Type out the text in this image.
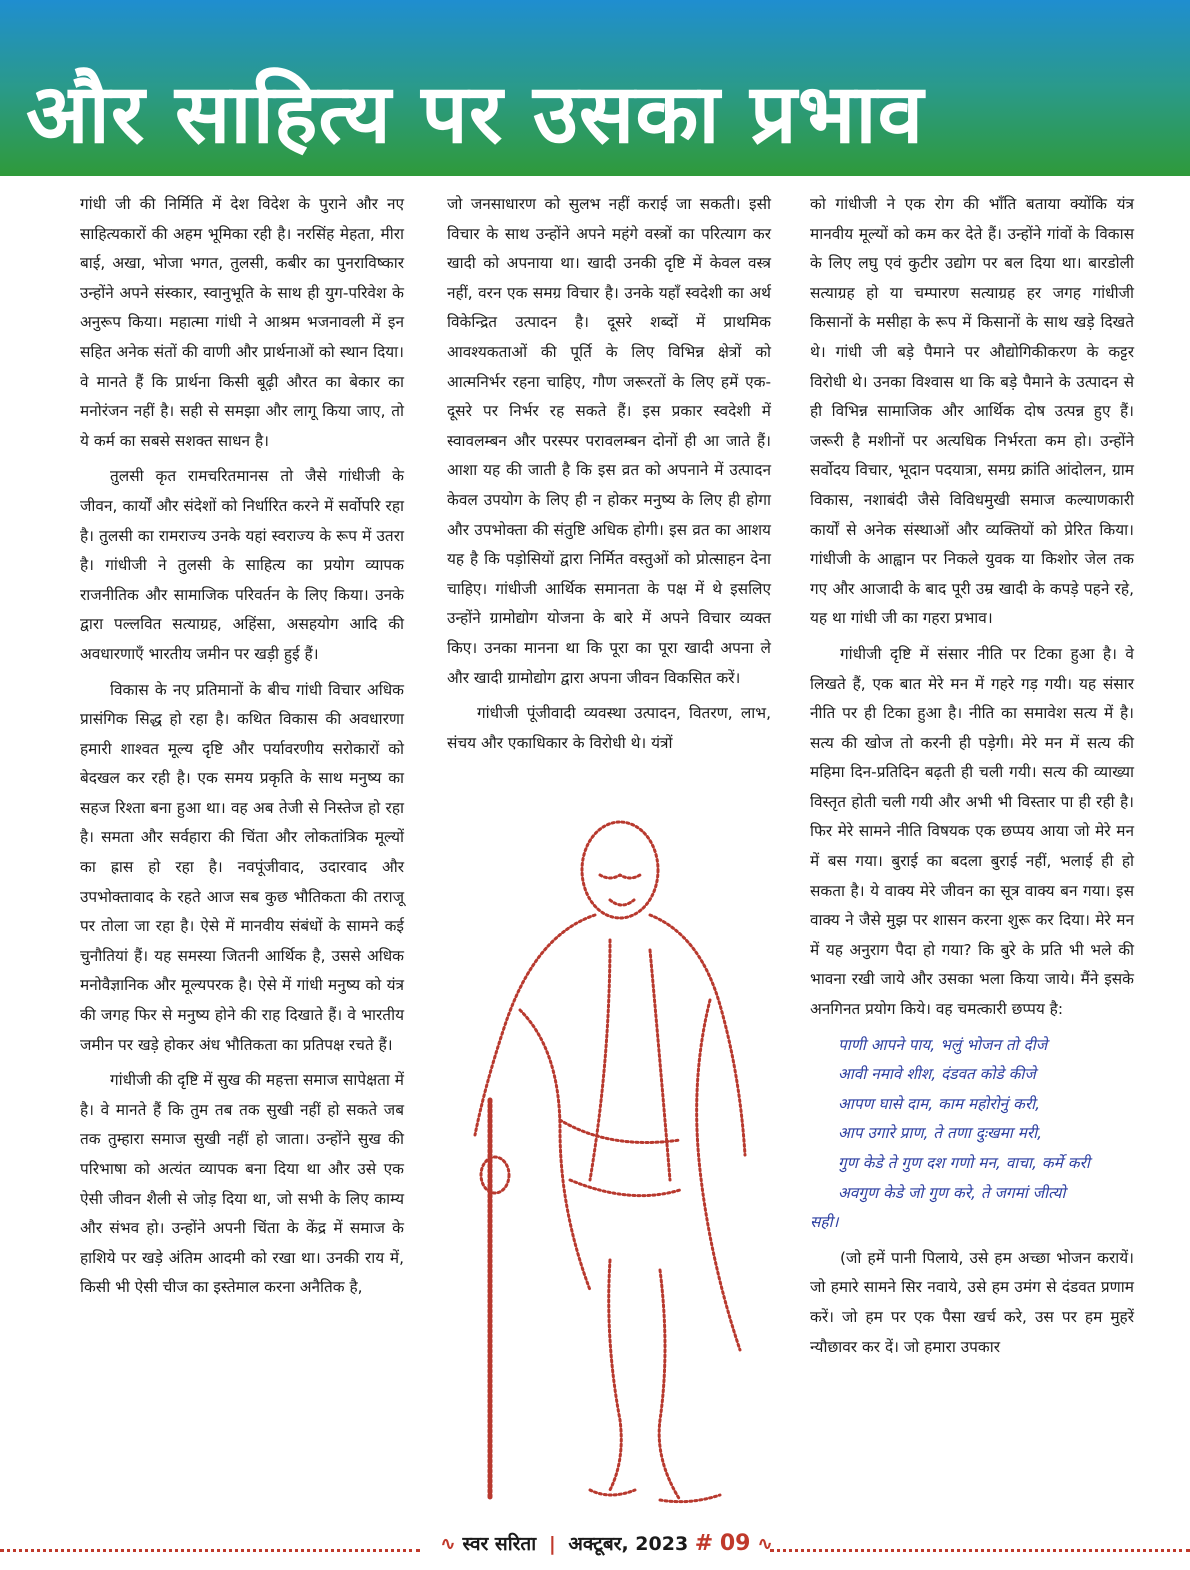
और साहित्य पर उसका प्रभाव

गांधी जी की निर्मिति में देश विदेश के पुराने और नए साहित्यकारों की अहम भूमिका रही है। नरसिंह मेहता, मीरा बाई, अखा, भोजा भगत, तुलसी, कबीर का पुनराविष्कार उन्होंने अपने संस्कार, स्वानुभूति के साथ ही युग-परिवेश के अनुरूप किया। महात्मा गांधी ने आश्रम भजनावली में इन सहित अनेक संतों की वाणी और प्रार्थनाओं को स्थान दिया। वे मानते हैं कि प्रार्थना किसी बूढ़ी औरत का बेकार का मनोरंजन नहीं है। सही से समझा और लागू किया जाए, तो ये कर्म का सबसे सशक्त साधन है।

तुलसी कृत रामचरितमानस तो जैसे गांधीजी के जीवन, कार्यों और संदेशों को निर्धारित करने में सर्वोपरि रहा है। तुलसी का रामराज्य उनके यहां स्वराज्य के रूप में उतरा है। गांधीजी ने तुलसी के साहित्य का प्रयोग व्यापक राजनीतिक और सामाजिक परिवर्तन के लिए किया। उनके द्वारा पल्लवित सत्याग्रह, अहिंसा, असहयोग आदि की अवधारणाएँ भारतीय जमीन पर खड़ी हुई हैं।

विकास के नए प्रतिमानों के बीच गांधी विचार अधिक प्रासंगिक सिद्ध हो रहा है। कथित विकास की अवधारणा हमारी शाश्वत मूल्य दृष्टि और पर्यावरणीय सरोकारों को बेदखल कर रही है। एक समय प्रकृति के साथ मनुष्य का सहज रिश्ता बना हुआ था। वह अब तेजी से निस्तेज हो रहा है। समता और सर्वहारा की चिंता और लोकतांत्रिक मूल्यों का ह्रास हो रहा है। नवपूंजीवाद, उदारवाद और उपभोक्तावाद के रहते आज सब कुछ भौतिकता की तराजू पर तोला जा रहा है। ऐसे में मानवीय संबंधों के सामने कई चुनौतियां हैं। यह समस्या जितनी आर्थिक है, उससे अधिक मनोवैज्ञानिक और मूल्यपरक है। ऐसे में गांधी मनुष्य को यंत्र की जगह फिर से मनुष्य होने की राह दिखाते हैं। वे भारतीय जमीन पर खड़े होकर अंध भौतिकता का प्रतिपक्ष रचते हैं।

गांधीजी की दृष्टि में सुख की महत्ता समाज सापेक्षता में है। वे मानते हैं कि तुम तब तक सुखी नहीं हो सकते जब तक तुम्हारा समाज सुखी नहीं हो जाता। उन्होंने सुख की परिभाषा को अत्यंत व्यापक बना दिया था और उसे एक ऐसी जीवन शैली से जोड़ दिया था, जो सभी के लिए काम्य और संभव हो। उन्होंने अपनी चिंता के केंद्र में समाज के हाशिये पर खड़े अंतिम आदमी को रखा था। उनकी राय में, किसी भी ऐसी चीज का इस्तेमाल करना अनैतिक है,

जो जनसाधारण को सुलभ नहीं कराई जा सकती। इसी विचार के साथ उन्होंने अपने महंगे वस्त्रों का परित्याग कर खादी को अपनाया था। खादी उनकी दृष्टि में केवल वस्त्र नहीं, वरन एक समग्र विचार है। उनके यहाँ स्वदेशी का अर्थ विकेन्द्रित उत्पादन है। दूसरे शब्दों में प्राथमिक आवश्यकताओं की पूर्ति के लिए विभिन्न क्षेत्रों को आत्मनिर्भर रहना चाहिए, गौण जरूरतों के लिए हमें एक-दूसरे पर निर्भर रह सकते हैं। इस प्रकार स्वदेशी में स्वावलम्बन और परस्पर परावलम्बन दोनों ही आ जाते हैं। आशा यह की जाती है कि इस व्रत को अपनाने में उत्पादन केवल उपयोग के लिए ही न होकर मनुष्य के लिए ही होगा और उपभोक्ता की संतुष्टि अधिक होगी। इस व्रत का आशय यह है कि पड़ोसियों द्वारा निर्मित वस्तुओं को प्रोत्साहन देना चाहिए। गांधीजी आर्थिक समानता के पक्ष में थे इसलिए उन्होंने ग्रामोद्योग योजना के बारे में अपने विचार व्यक्त किए। उनका मानना था कि पूरा का पूरा खादी अपना ले और खादी ग्रामोद्योग द्वारा अपना जीवन विकसित करें।

गांधीजी पूंजीवादी व्यवस्था उत्पादन, वितरण, लाभ, संचय और एकाधिकार के विरोधी थे। यंत्रों

को गांधीजी ने एक रोग की भाँति बताया क्योंकि यंत्र मानवीय मूल्यों को कम कर देते हैं। उन्होंने गांवों के विकास के लिए लघु एवं कुटीर उद्योग पर बल दिया था। बारडोली सत्याग्रह हो या चम्पारण सत्याग्रह हर जगह गांधीजी किसानों के मसीहा के रूप में किसानों के साथ खड़े दिखते थे। गांधी जी बड़े पैमाने पर औद्योगिकीकरण के कट्टर विरोधी थे। उनका विश्वास था कि बड़े पैमाने के उत्पादन से ही विभिन्न सामाजिक और आर्थिक दोष उत्पन्न हुए हैं। जरूरी है मशीनों पर अत्यधिक निर्भरता कम हो। उन्होंने सर्वोदय विचार, भूदान पदयात्रा, समग्र क्रांति आंदोलन, ग्राम विकास, नशाबंदी जैसे विविधमुखी समाज कल्याणकारी कार्यों से अनेक संस्थाओं और व्यक्तियों को प्रेरित किया। गांधीजी के आह्वान पर निकले युवक या किशोर जेल तक गए और आजादी के बाद पूरी उम्र खादी के कपड़े पहने रहे, यह था गांधी जी का गहरा प्रभाव।

गांधीजी दृष्टि में संसार नीति पर टिका हुआ है। वे लिखते हैं, एक बात मेरे मन में गहरे गड़ गयी। यह संसार नीति पर ही टिका हुआ है। नीति का समावेश सत्य में है। सत्य की खोज तो करनी ही पड़ेगी। मेरे मन में सत्य की महिमा दिन-प्रतिदिन बढ़ती ही चली गयी। सत्य की व्याख्या विस्तृत होती चली गयी और अभी भी विस्तार पा ही रही है। फिर मेरे सामने नीति विषयक एक छप्पय आया जो मेरे मन में बस गया। बुराई का बदला बुराई नहीं, भलाई ही हो सकता है। ये वाक्य मेरे जीवन का सूत्र वाक्य बन गया। इस वाक्य ने जैसे मुझ पर शासन करना शुरू कर दिया। मेरे मन में यह अनुराग पैदा हो गया? कि बुरे के प्रति भी भले की भावना रखी जाये और उसका भला किया जाये। मैंने इसके अनगिनत प्रयोग किये। वह चमत्कारी छप्पय है:

पाणी आपने पाय, भलुं भोजन तो दीजे
आवी नमावे शीश, दंडवत कोडे कीजे
आपण घासे दाम, काम महोरोनुं करी,
आप उगारे प्राण, ते तणा दुःखमा मरी,
गुण केडे ते गुण दश गणो मन, वाचा, कर्मे करी
अवगुण केडे जो गुण करे, ते जगमां जीत्यो
सही।

(जो हमें पानी पिलाये, उसे हम अच्छा भोजन करायें। जो हमारे सामने सिर नवाये, उसे हम उमंग से दंडवत प्रणाम करें। जो हम पर एक पैसा खर्च करे, उस पर हम मुहरें न्यौछावर कर दें। जो हमारा उपकार

∿ स्वर सरिता | अक्टूबर, 2023 # 09 ∿
